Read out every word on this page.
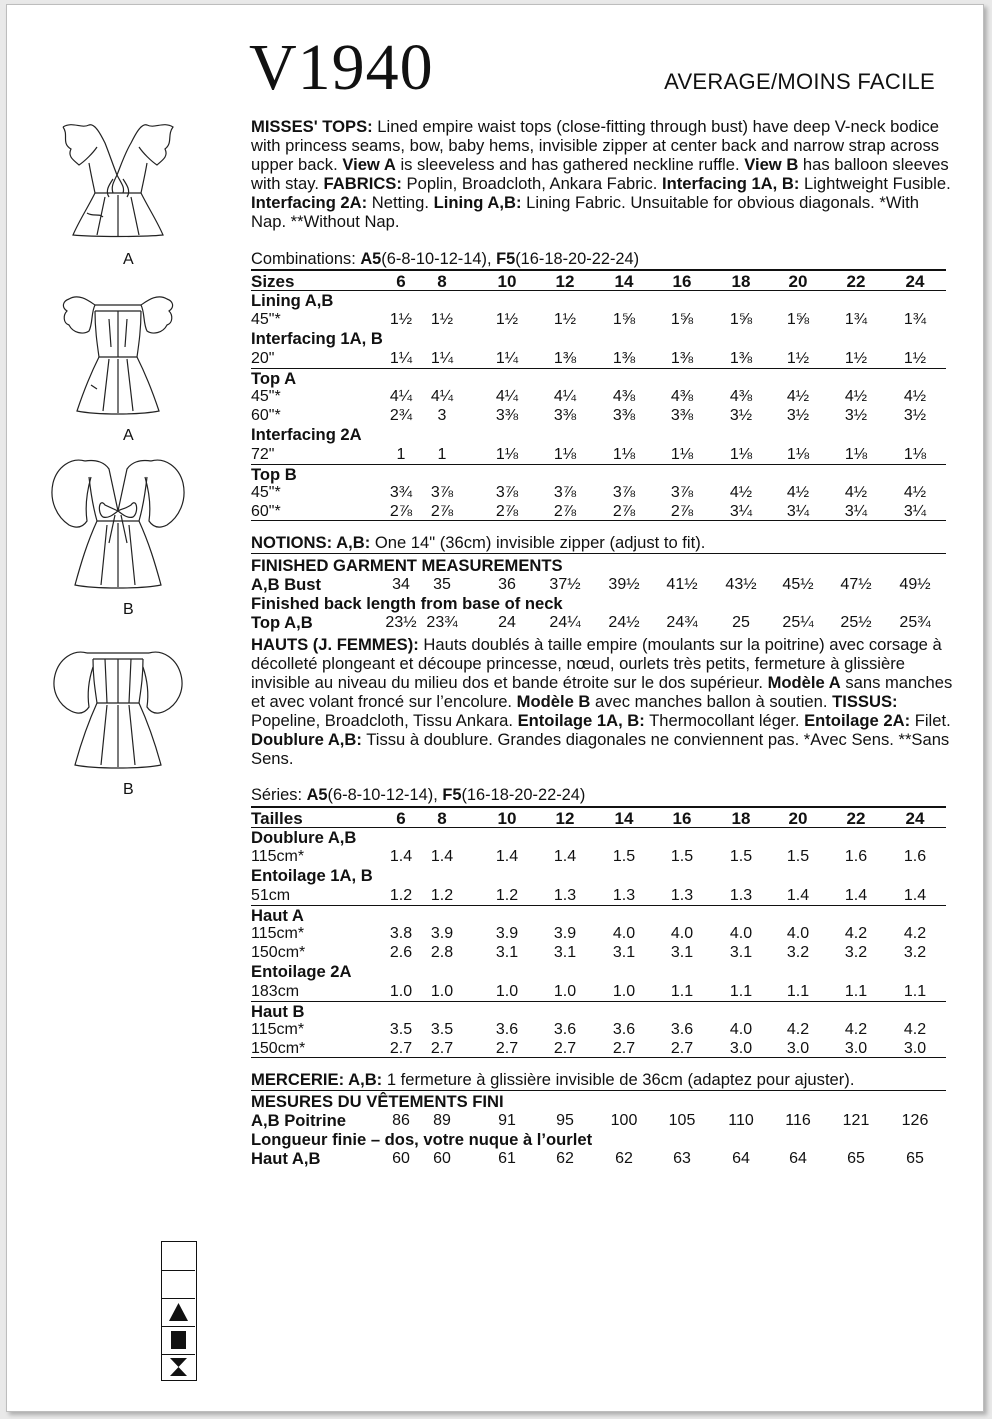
V1940	AVERAGE/MOINS FACILE
A
A
B
B
MISSES' TOPS: Lined empire waist tops (close-fitting through bust) have deep V-neck bodice with princess seams, bow, baby hems, invisible zipper at center back and narrow strap across upper back. View A is sleeveless and has gathered neckline ruffle. View B has balloon sleeves with stay. FABRICS: Poplin, Broadcloth, Ankara Fabric. Interfacing 1A, B: Lightweight Fusible. Interfacing 2A: Netting. Lining A,B: Lining Fabric. Unsuitable for obvious diagonals. *With Nap. **Without Nap.
Combinations: A5(6-8-10-12-14), F5(16-18-20-22-24)
Sizes	6	8	10	12	14	16	18	20	22	24
Lining A,B
45"*	1½	1½	1½	1½	1⅝	1⅝	1⅝	1⅝	1¾	1¾
Interfacing 1A, B
20"	1¼	1¼	1¼	1⅜	1⅜	1⅜	1⅜	1½	1½	1½
Top A
45"*	4¼	4¼	4¼	4¼	4⅜	4⅜	4⅜	4½	4½	4½
60"*	2¾	3	3⅜	3⅜	3⅜	3⅜	3½	3½	3½	3½
Interfacing 2A
72"	1	1	1⅛	1⅛	1⅛	1⅛	1⅛	1⅛	1⅛	1⅛
Top B
45"*	3¾	3⅞	3⅞	3⅞	3⅞	3⅞	4½	4½	4½	4½
60"*	2⅞	2⅞	2⅞	2⅞	2⅞	2⅞	3¼	3¼	3¼	3¼
NOTIONS: A,B: One 14" (36cm) invisible zipper (adjust to fit).
FINISHED GARMENT MEASUREMENTS
A,B Bust	34	35	36	37½ 39½ 41½ 43½ 45½ 47½ 49½
Finished back length from base of neck
Top A,B	23½ 23¾	24	24¼ 24½ 24¾	25	25¼ 25½ 25¾
HAUTS (J. FEMMES): Hauts doublés à taille empire (moulants sur la poitrine) avec corsage à décolleté plongeant et découpe princesse, nœud, ourlets très petits, fermeture à glissière invisible au niveau du milieu dos et bande étroite sur le dos supérieur. Modèle A sans manches et avec volant froncé sur l’encolure. Modèle B avec manches ballon à soutien. TISSUS: Popeline, Broadcloth, Tissu Ankara. Entoilage 1A, B: Thermocollant léger. Entoilage 2A: Filet. Doublure A,B: Tissu à doublure. Grandes diagonales ne conviennent pas. *Avec Sens. **Sans Sens.
Séries: A5(6-8-10-12-14), F5(16-18-20-22-24)
Tailles	6	8	10	12	14	16	18	20	22	24
Doublure A,B
115cm*	1.4	1.4	1.4	1.4	1.5	1.5	1.5	1.5	1.6	1.6
Entoilage 1A, B
51cm	1.2	1.2	1.2	1.3	1.3	1.3	1.3	1.4	1.4	1.4
Haut A
115cm*	3.8	3.9	3.9	3.9	4.0	4.0	4.0	4.0	4.2	4.2
150cm*	2.6	2.8	3.1	3.1	3.1	3.1	3.1	3.2	3.2	3.2
Entoilage 2A
183cm	1.0	1.0	1.0	1.0	1.0	1.1	1.1	1.1	1.1	1.1
Haut B
115cm*	3.5	3.5	3.6	3.6	3.6	3.6	4.0	4.2	4.2	4.2
150cm*	2.7	2.7	2.7	2.7	2.7	2.7	3.0	3.0	3.0	3.0
MERCERIE: A,B: 1 fermeture à glissière invisible de 36cm (adaptez pour ajuster).
MESURES DU VÊTEMENTS FINI
A,B Poitrine	86	89	91	95	100	105	110	116	121	126
Longueur finie – dos, votre nuque à l’ourlet
Haut A,B	60	60	61	62	62	63	64	64	65	65
